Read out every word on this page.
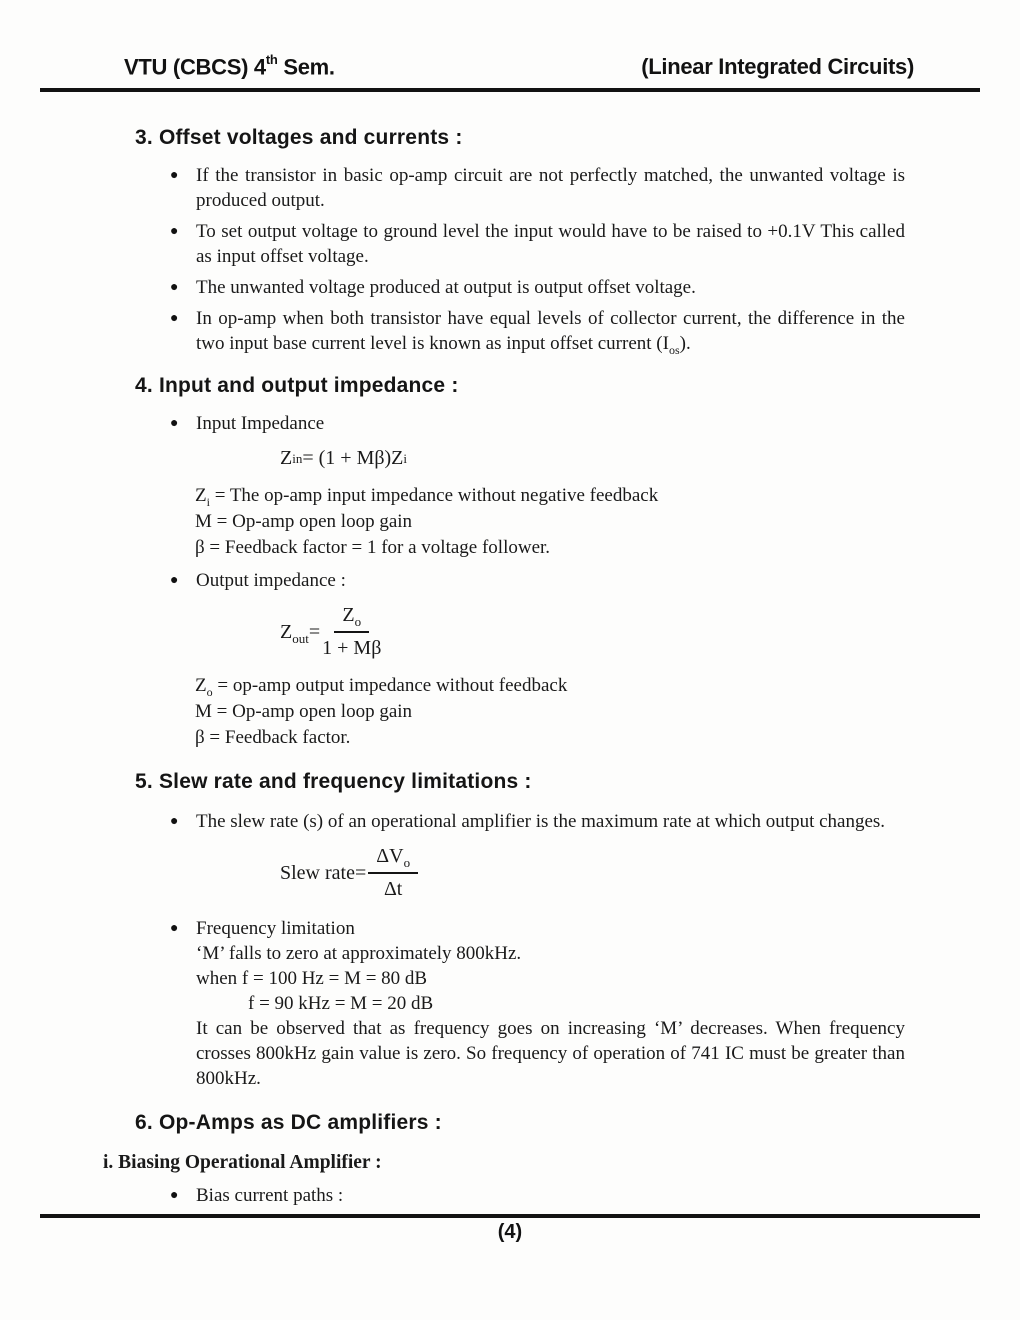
VTU (CBCS) 4th Sem.	(Linear Integrated Circuits)
3. Offset voltages and currents :
● If the transistor in basic op-amp circuit are not perfectly matched, the unwanted voltage is produced output.
● To set output voltage to ground level the input would have to be raised to +0.1V This called as input offset voltage.
● The unwanted voltage produced at output is output offset voltage.
● In op-amp when both transistor have equal levels of collector current, the difference in the two input base current level is known as input offset current $(I_{os})$.
4. Input and output impedance :
● Input Impedance
Z in = (1 + Mβ)Z i

$Z_i$ = The op-amp input impedance without negative feedback

M = Op-amp open loop gain

β = Feedback factor = 1 for a voltage follower.

● Output impedance :
$Z_{out} = \frac{Z_o}{1 + M\beta}$

$Z_o = op-amp$ output impedance without feedback

M = Op-amp open loop gain

β = Feedback factor.

5. Slew rate and frequency limitations :
● The slew rate (s) of an operational amplifier is the maximum rate at which output changes.
Slew rate= $\frac{\Delta V_o}{\Delta t}$
● Frequency limitation
‘M’ falls to zero at approximately 800kHz.
when f = 100 Hz = M = 80 dB
f = 90 kHz = M = 20 dB
It can be observed that as frequency goes on increasing ‘M’ decreases. When frequency crosses 800kHz gain value is zero. So frequency of operation of 741 IC must be greater than 800kHz.
6. Op-Amps as DC amplifiers :
i. Biasing Operational Amplifier :
● Bias current paths :
(4)
